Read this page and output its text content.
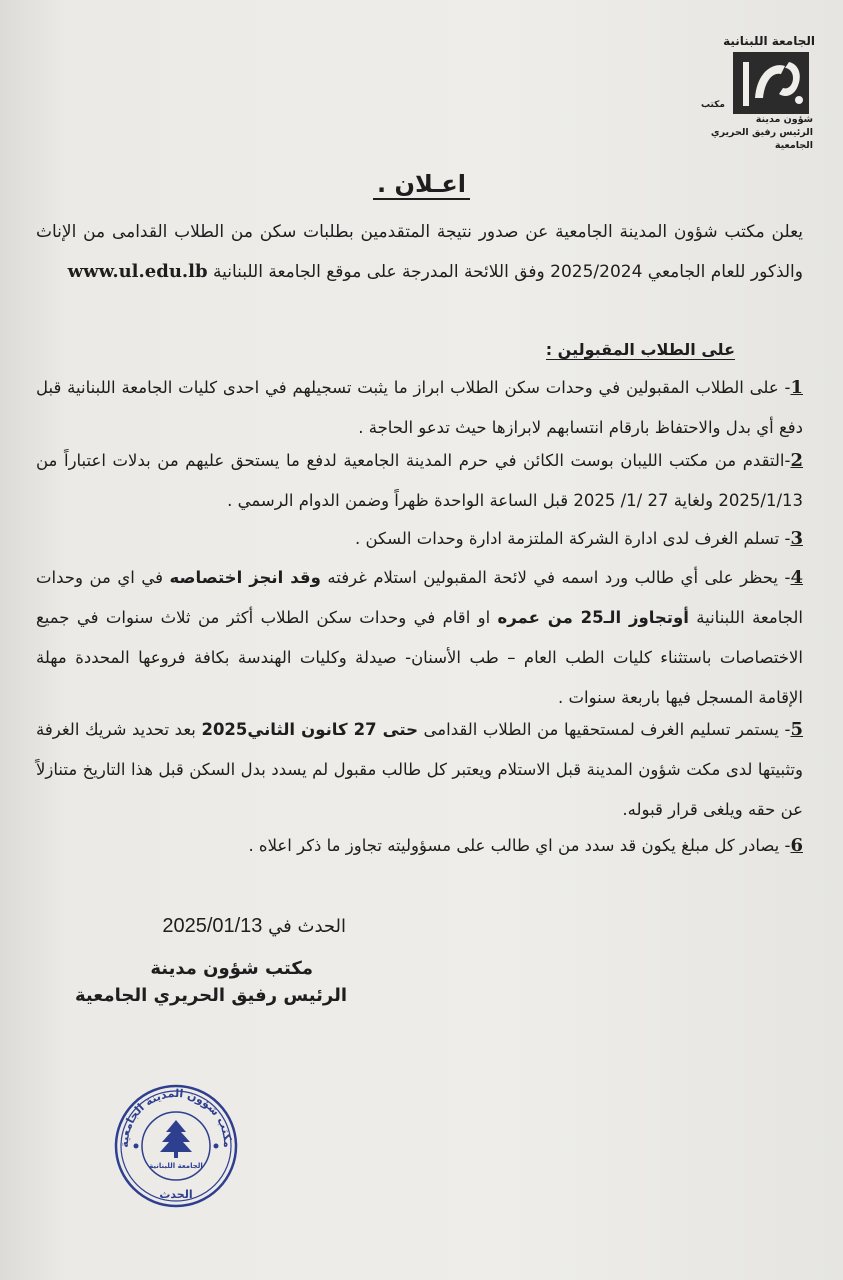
الجامعة اللبنانية
مكتب
شؤون مدينة
الرئيس رفيق الحريري
الجامعية
اعـلان .
يعلن مكتب شؤون المدينة الجامعية عن صدور نتيجة المتقدمين بطلبات سكن من الطلاب القدامى من الإناث والذكور للعام الجامعي 2025/2024 وفق اللائحة المدرجة على موقع الجامعة اللبنانية www.ul.edu.lb
على الطلاب المقبولين :
1- على الطلاب المقبولين في وحدات سكن الطلاب ابراز ما يثبت تسجيلهم في احدى كليات الجامعة اللبنانية قبل دفع أي بدل والاحتفاظ بارقام انتسابهم لابرازها حيث تدعو الحاجة .
2-التقدم من مكتب الليبان بوست الكائن في حرم المدينة الجامعية لدفع ما يستحق عليهم من بدلات اعتباراً من 2025/1/13 ولغاية 27 /1/ 2025 قبل الساعة الواحدة ظهراً وضمن الدوام الرسمي .
3- تسلم الغرف لدى ادارة الشركة الملتزمة ادارة وحدات السكن .
4- يحظر على أي طالب ورد اسمه في لائحة المقبولين استلام غرفته وقد انجز اختصاصه في اي من وحدات الجامعة اللبنانية أوتجاوز الـ25 من عمره او اقام في وحدات سكن الطلاب أكثر من ثلاث سنوات في جميع الاختصاصات باستثناء كليات الطب العام – طب الأسنان- صيدلة وكليات الهندسة بكافة فروعها المحددة مهلة الإقامة المسجل فيها باربعة سنوات .
5- يستمر تسليم الغرف لمستحقيها من الطلاب القدامى حتى 27 كانون الثاني2025 بعد تحديد شريك الغرفة وتثبيتها لدى مكت شؤون المدينة قبل الاستلام ويعتبر كل طالب مقبول لم يسدد بدل السكن قبل هذا التاريخ متنازلاً عن حقه ويلغى قرار قبوله.
6- يصادر كل مبلغ يكون قد سدد من اي طالب على مسؤوليته تجاوز ما ذكر اعلاه .
الحدث في 2025/01/13
مكتب شؤون مدينة
الرئيس رفيق الحريري الجامعية
مكتب شؤون المدينة الجامعية
الجامعة اللبنانية
الحدث
